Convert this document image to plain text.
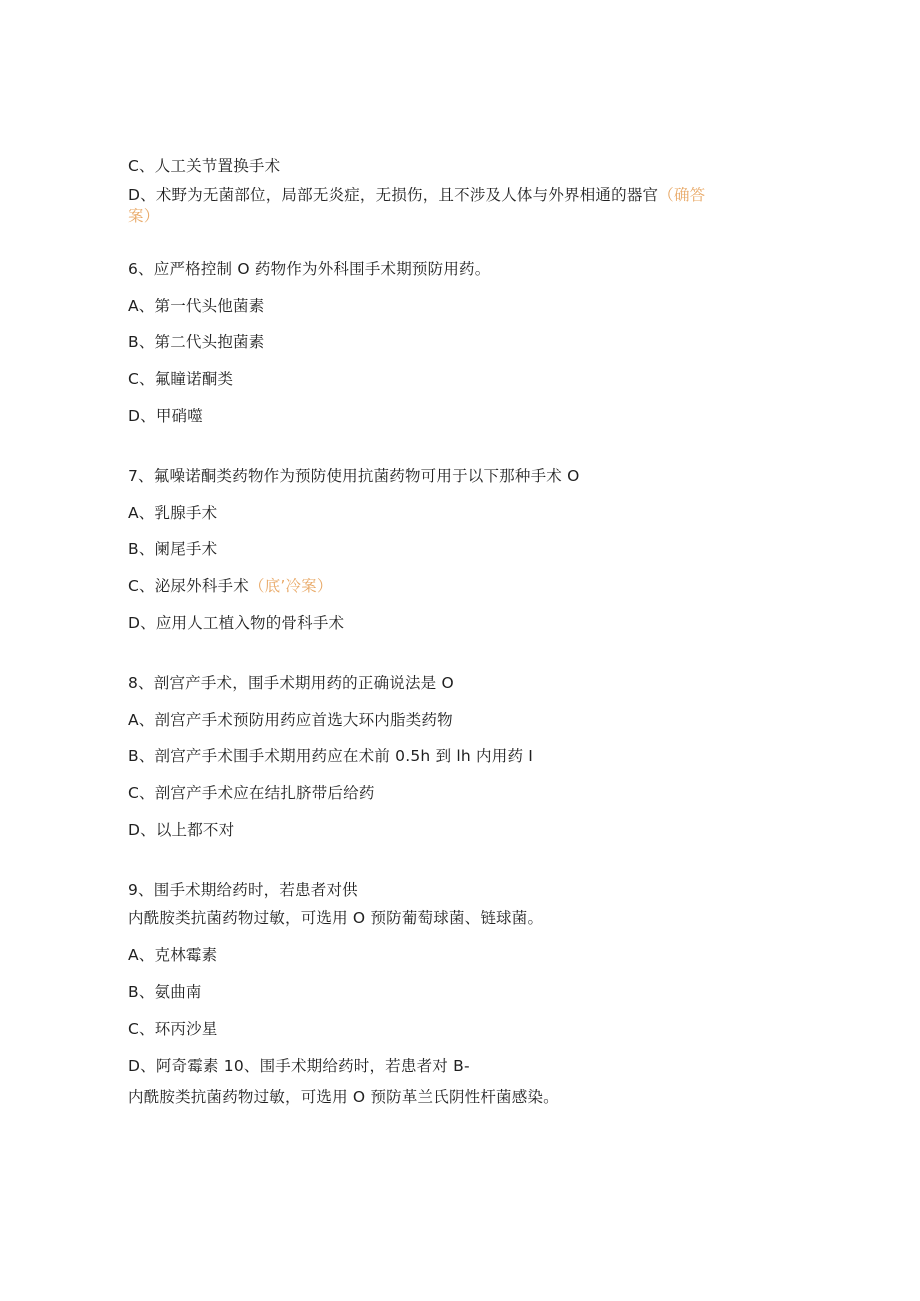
C、人工关节置换手术
D、术野为无菌部位，局部无炎症，无损伤，且不涉及人体与外界相通的器官（确答
案）
6、应严格控制 O 药物作为外科围手术期预防用药。
A、第一代头他菌素
B、第二代头抱菌素
C、氟瞳诺酮类
D、甲硝噬
7、氟噪诺酮类药物作为预防使用抗菌药物可用于以下那种手术 O
A、乳腺手术
B、阑尾手术
C、泌尿外科手术（底’冷案）
D、应用人工植入物的骨科手术
8、剖宫产手术，围手术期用药的正确说法是 O
A、剖宫产手术预防用药应首选大环内脂类药物
B、剖宫产手术围手术期用药应在术前 0.5h 到 lh 内用药 I
C、剖宫产手术应在结扎脐带后给药
D、以上都不对
9、围手术期给药时，若患者对供
内酰胺类抗菌药物过敏，可选用 O 预防葡萄球菌、链球菌。
A、克林霉素
B、氨曲南
C、环丙沙星
D、阿奇霉素 10、围手术期给药时，若患者对 B-
内酰胺类抗菌药物过敏，可选用 O 预防革兰氏阴性杆菌感染。
